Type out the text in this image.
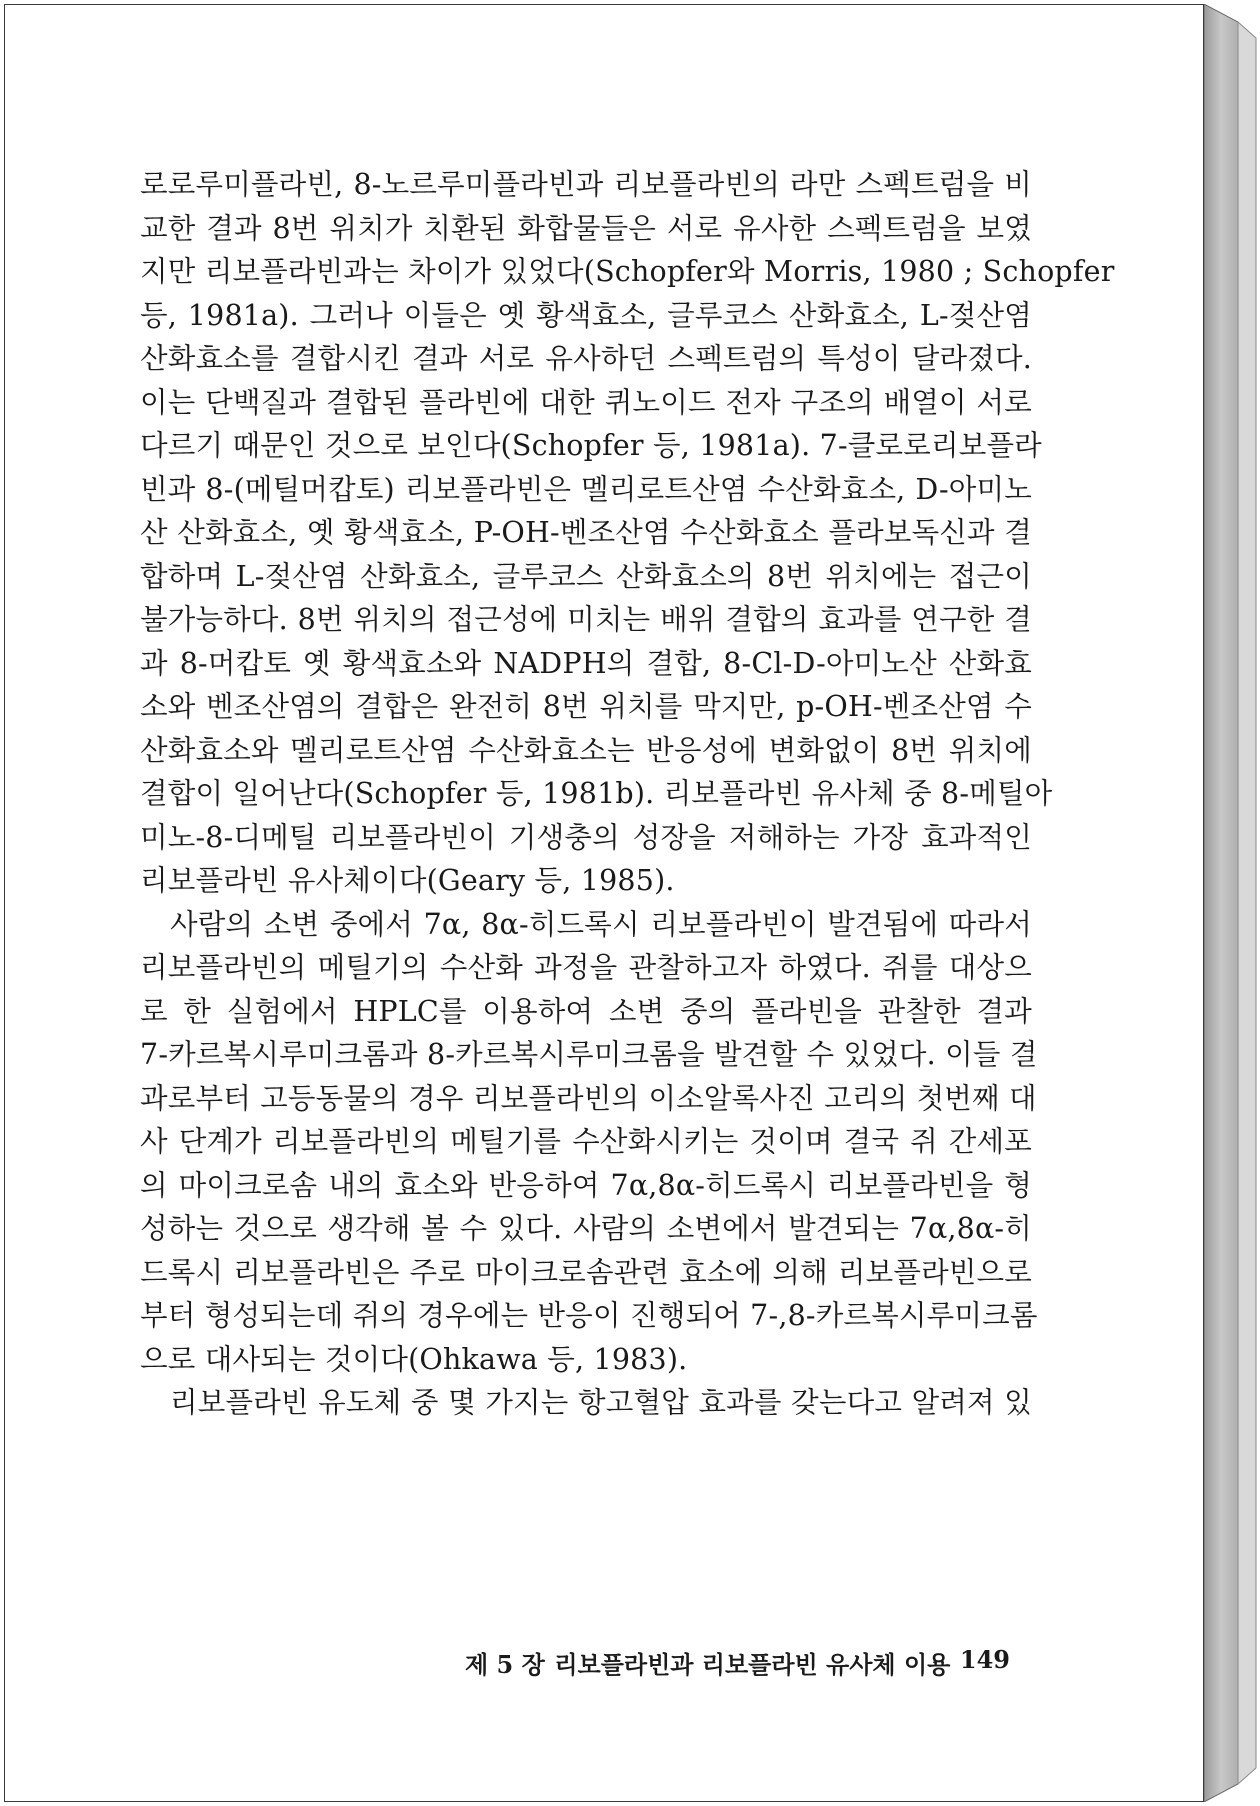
로로루미플라빈, 8-노르루미플라빈과 리보플라빈의 라만 스펙트럼을 비
교한 결과 8번 위치가 치환된 화합물들은 서로 유사한 스펙트럼을 보였
지만 리보플라빈과는 차이가 있었다(Schopfer와 Morris, 1980 ; Schopfer
등, 1981a). 그러나 이들은 옛 황색효소, 글루코스 산화효소, L-젖산염
산화효소를 결합시킨 결과 서로 유사하던 스펙트럼의 특성이 달라졌다.
이는 단백질과 결합된 플라빈에 대한 퀴노이드 전자 구조의 배열이 서로
다르기 때문인 것으로 보인다(Schopfer 등, 1981a). 7-클로로리보플라
빈과 8-(메틸머캅토) 리보플라빈은 멜리로트산염 수산화효소, D-아미노
산 산화효소, 옛 황색효소, P-OH-벤조산염 수산화효소 플라보독신과 결
합하며 L-젖산염 산화효소, 글루코스 산화효소의 8번 위치에는 접근이
불가능하다. 8번 위치의 접근성에 미치는 배위 결합의 효과를 연구한 결
과 8-머캅토 옛 황색효소와 NADPH의 결합, 8-Cl-D-아미노산 산화효
소와 벤조산염의 결합은 완전히 8번 위치를 막지만, p-OH-벤조산염 수
산화효소와 멜리로트산염 수산화효소는 반응성에 변화없이 8번 위치에
결합이 일어난다(Schopfer 등, 1981b). 리보플라빈 유사체 중 8-메틸아
미노-8-디메틸 리보플라빈이 기생충의 성장을 저해하는 가장 효과적인
리보플라빈 유사체이다(Geary 등, 1985).
사람의 소변 중에서 7α, 8α-히드록시 리보플라빈이 발견됨에 따라서
리보플라빈의 메틸기의 수산화 과정을 관찰하고자 하였다. 쥐를 대상으
로 한 실험에서 HPLC를 이용하여 소변 중의 플라빈을 관찰한 결과
7-카르복시루미크롬과 8-카르복시루미크롬을 발견할 수 있었다. 이들 결
과로부터 고등동물의 경우 리보플라빈의 이소알록사진 고리의 첫번째 대
사 단계가 리보플라빈의 메틸기를 수산화시키는 것이며 결국 쥐 간세포
의 마이크로솜 내의 효소와 반응하여 7α,8α-히드록시 리보플라빈을 형
성하는 것으로 생각해 볼 수 있다. 사람의 소변에서 발견되는 7α,8α-히
드록시 리보플라빈은 주로 마이크로솜관련 효소에 의해 리보플라빈으로
부터 형성되는데 쥐의 경우에는 반응이 진행되어 7-,8-카르복시루미크롬
으로 대사되는 것이다(Ohkawa 등, 1983).
리보플라빈 유도체 중 몇 가지는 항고혈압 효과를 갖는다고 알려져 있
제 5 장 리보플라빈과 리보플라빈 유사체 이용 149
